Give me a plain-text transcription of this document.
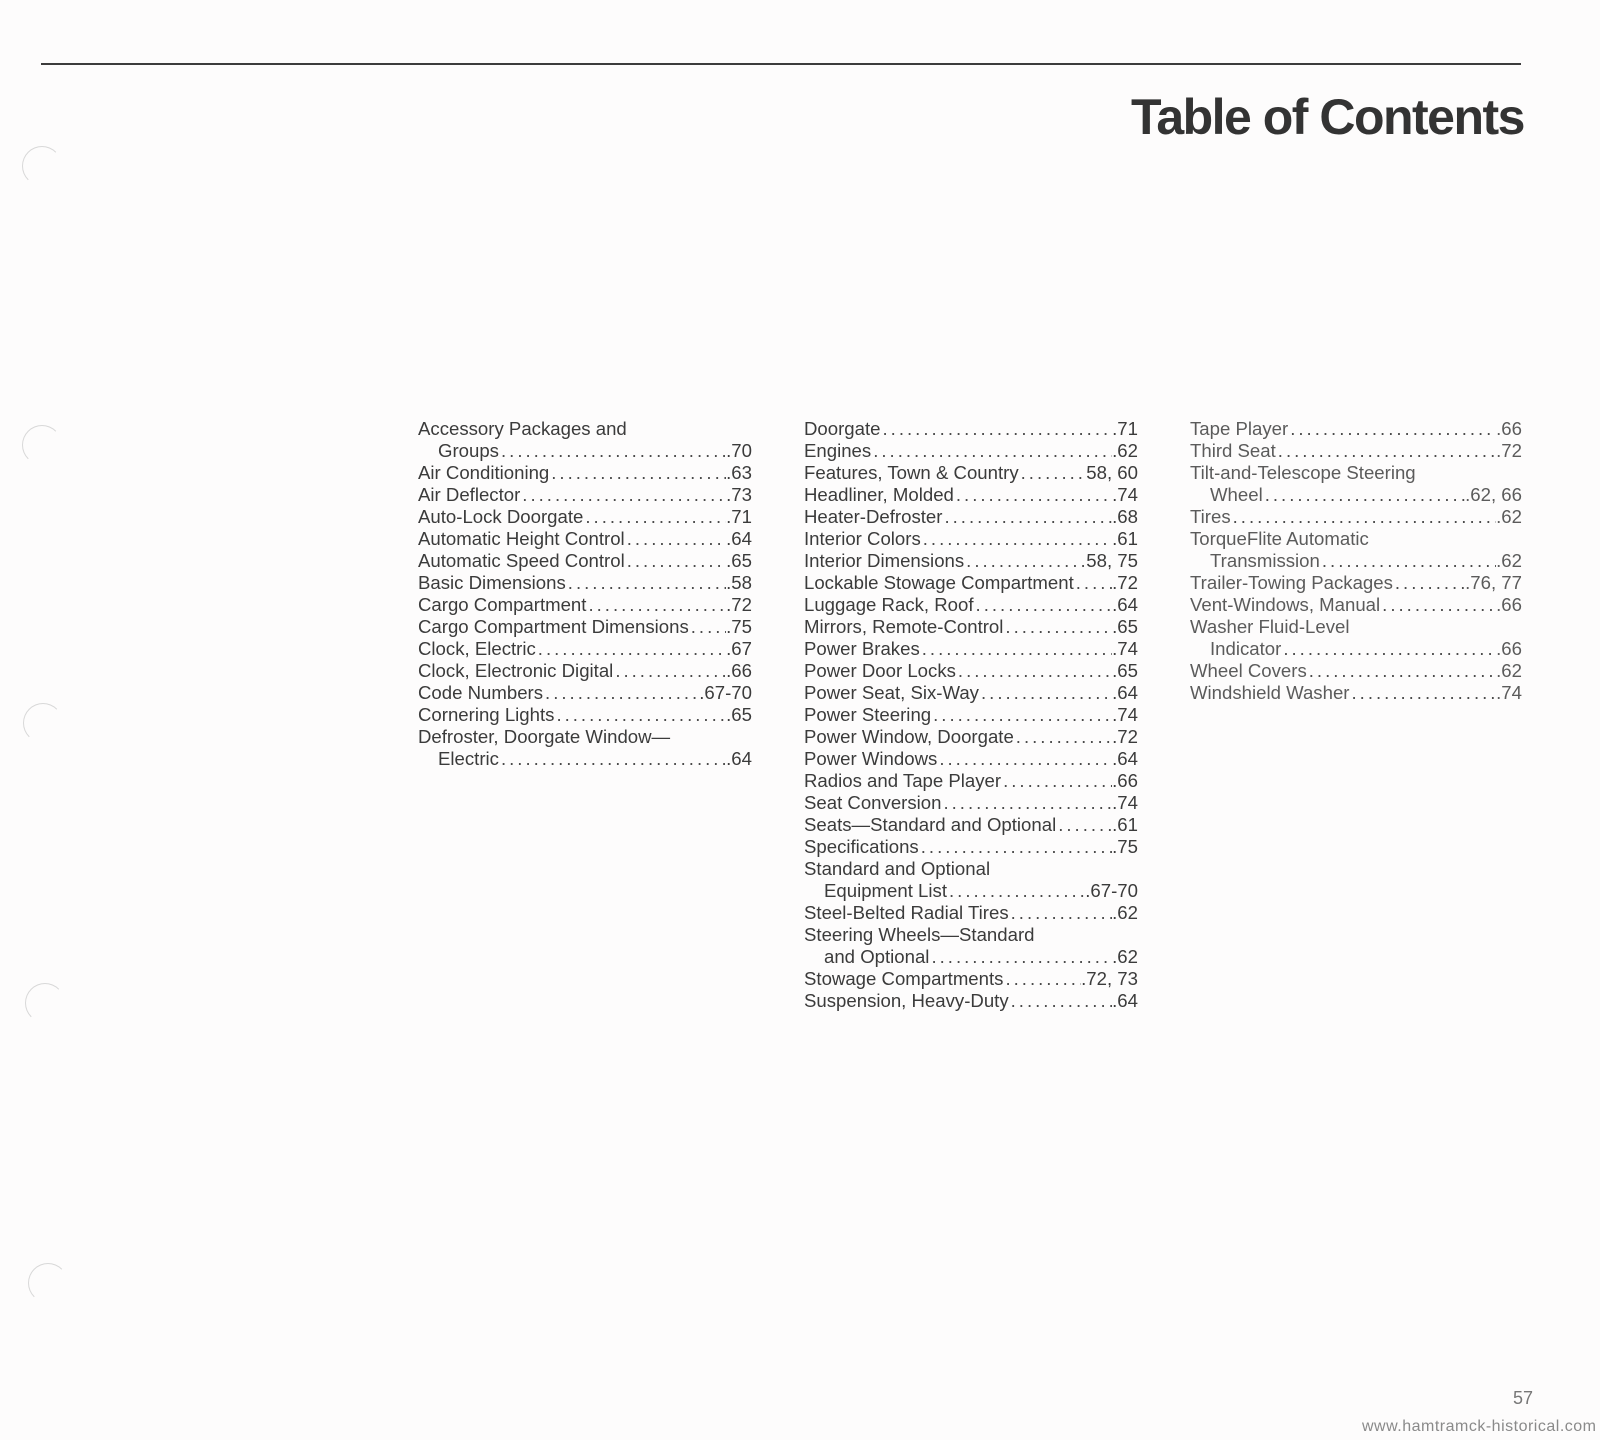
Table of Contents
Accessory Packages and
Groups .....	.70
Air Conditioning .....	.63
Air Deflector .....	.73
Auto-Lock Doorgate .....	.71
Automatic Height Control .....	.64
Automatic Speed Control .....	.65
Basic Dimensions .....	.58
Cargo Compartment .....	.72
Cargo Compartment Dimensions ..... .75
Clock, Electric .....	.67
Clock, Electronic Digital .....	.66
Code Numbers .....	.67-70
Cornering Lights .....	.65
Defroster, Doorgate Window—
Electric .....	.64
Doorgate .....	.71
Engines .....	.62
Features, Town & Country .....	58, 60
Headliner, Molded .....	.74
Heater-Defroster .....	.68
Interior Colors .....	.61
Interior Dimensions .....	58, 75
Lockable Stowage Compartment ..... .72
Luggage Rack, Roof .....	.64
Mirrors, Remote-Control .....	.65
Power Brakes .....	.74
Power Door Locks .....	.65
Power Seat, Six-Way .....	.64
Power Steering .....	.74
Power Window, Doorgate .....	.72
Power Windows .....	.64
Radios and Tape Player .....	.66
Seat Conversion .....	.74
Seats—Standard and Optional .....	.61
Specifications .....	.75
Standard and Optional
Equipment List .....	.67-70
Steel-Belted Radial Tires .....	.62
Steering Wheels—Standard
and Optional .....	.62
Stowage Compartments .....	.72, 73
Suspension, Heavy-Duty .....	.64
Tape Player .....	.66
Third Seat .....	.72
Tilt-and-Telescope Steering
Wheel .....	.62, 66
Tires .....	.62
TorqueFlite Automatic
Transmission .....	.62
Trailer-Towing Packages .....	.76, 77
Vent-Windows, Manual .....	.66
Washer Fluid-Level
Indicator .....	.66
Wheel Covers .....	.62
Windshield Washer .....	.74
57
www.hamtramck-historical.com
